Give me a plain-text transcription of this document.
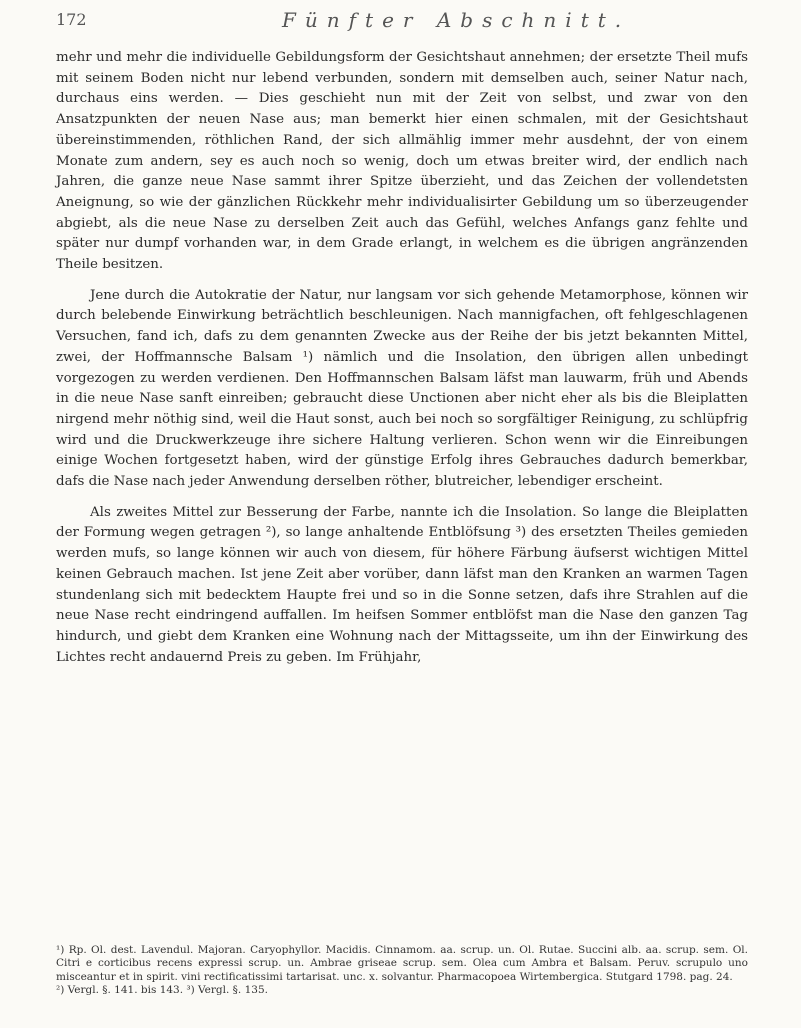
172	Fünfter Abschnitt.

mehr und mehr die individuelle Gebildungsform der Gesichtshaut annehmen; der ersetzte Theil mufs mit seinem Boden nicht nur lebend verbunden, sondern mit demselben auch, seiner Natur nach, durchaus eins werden. — Dies geschieht nun mit der Zeit von selbst, und zwar von den Ansatzpunkten der neuen Nase aus; man bemerkt hier einen schmalen, mit der Gesichtshaut übereinstimmenden, röthlichen Rand, der sich allmählig immer mehr ausdehnt, der von einem Monate zum andern, sey es auch noch so wenig, doch um etwas breiter wird, der endlich nach Jahren, die ganze neue Nase sammt ihrer Spitze überzieht, und das Zeichen der vollendetsten Aneignung, so wie der gänzlichen Rückkehr mehr individualisirter Gebildung um so überzeugender abgiebt, als die neue Nase zu derselben Zeit auch das Gefühl, welches Anfangs ganz fehlte und später nur dumpf vorhanden war, in dem Grade erlangt, in welchem es die übrigen angränzenden Theile besitzen.

Jene durch die Autokratie der Natur, nur langsam vor sich gehende Metamorphose, können wir durch belebende Einwirkung beträchtlich beschleunigen. Nach mannigfachen, oft fehlgeschlagenen Versuchen, fand ich, dafs zu dem genannten Zwecke aus der Reihe der bis jetzt bekannten Mittel, zwei, der Hoffmannsche Balsam ¹) nämlich und die Insolation, den übrigen allen unbedingt vorgezogen zu werden verdienen. Den Hoffmannschen Balsam läfst man lauwarm, früh und Abends in die neue Nase sanft einreiben; gebraucht diese Unctionen aber nicht eher als bis die Bleiplatten nirgend mehr nöthig sind, weil die Haut sonst, auch bei noch so sorgfältiger Reinigung, zu schlüpfrig wird und die Druckwerkzeuge ihre sichere Haltung verlieren. Schon wenn wir die Einreibungen einige Wochen fortgesetzt haben, wird der günstige Erfolg ihres Gebrauches dadurch bemerkbar, dafs die Nase nach jeder Anwendung derselben röther, blutreicher, lebendiger erscheint.

Als zweites Mittel zur Besserung der Farbe, nannte ich die Insolation. So lange die Bleiplatten der Formung wegen getragen ²), so lange anhaltende Entblöfsung ³) des ersetzten Theiles gemieden werden mufs, so lange können wir auch von diesem, für höhere Färbung äufserst wichtigen Mittel keinen Gebrauch machen. Ist jene Zeit aber vorüber, dann läfst man den Kranken an warmen Tagen stundenlang sich mit bedecktem Haupte frei und so in die Sonne setzen, dafs ihre Strahlen auf die neue Nase recht eindringend auffallen. Im heifsen Sommer entblöfst man die Nase den ganzen Tag hindurch, und giebt dem Kranken eine Wohnung nach der Mittagsseite, um ihn der Einwirkung des Lichtes recht andauernd Preis zu geben. Im Frühjahr,

¹) Rp. Ol. dest. Lavendul. Majoran. Caryophyllor. Macidis. Cinnamom. aa. scrup. un. Ol. Rutae. Succini alb. aa. scrup. sem. Ol. Citri e corticibus recens expressi scrup. un. Ambrae griseae scrup. sem. Olea cum Ambra et Balsam. Peruv. scrupulo uno misceantur et in spirit. vini rectificatissimi tartarisat. unc. x. solvantur. Pharmacopoea Wirtembergica. Stutgard 1798. pag. 24.

²) Vergl. §. 141. bis 143. ³) Vergl. §. 135.
